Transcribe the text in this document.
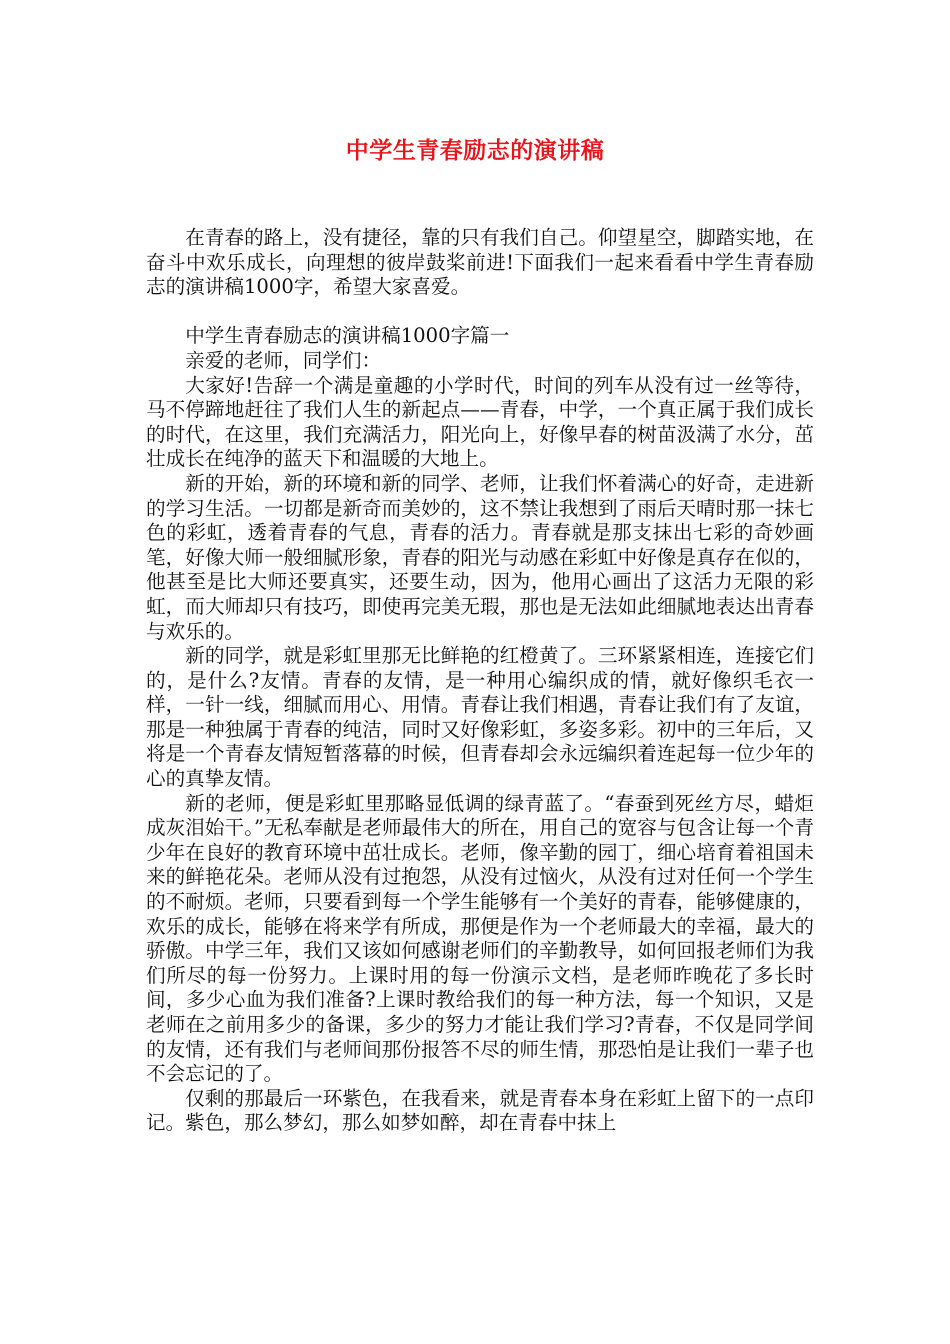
中学生青春励志的演讲稿

在青春的路上，没有捷径，靠的只有我们自己。仰望星空，脚踏实地，在奋斗中欢乐成长，向理想的彼岸鼓桨前进!下面我们一起来看看中学生青春励志的演讲稿1000字，希望大家喜爱。

中学生青春励志的演讲稿1000字篇一

亲爱的老师，同学们：

大家好!告辞一个满是童趣的小学时代，时间的列车从没有过一丝等待，马不停蹄地赶往了我们人生的新起点——青春，中学，一个真正属于我们成长的时代，在这里，我们充满活力，阳光向上，好像早春的树苗汲满了水分，茁壮成长在纯净的蓝天下和温暖的大地上。

新的开始，新的环境和新的同学、老师，让我们怀着满心的好奇，走进新的学习生活。一切都是新奇而美妙的，这不禁让我想到了雨后天晴时那一抹七色的彩虹，透着青春的气息，青春的活力。青春就是那支抹出七彩的奇妙画笔，好像大师一般细腻形象，青春的阳光与动感在彩虹中好像是真存在似的，他甚至是比大师还要真实，还要生动，因为，他用心画出了这活力无限的彩虹，而大师却只有技巧，即使再完美无瑕，那也是无法如此细腻地表达出青春与欢乐的。

新的同学，就是彩虹里那无比鲜艳的红橙黄了。三环紧紧相连，连接它们的，是什么?友情。青春的友情，是一种用心编织成的情，就好像织毛衣一样，一针一线，细腻而用心、用情。青春让我们相遇，青春让我们有了友谊，那是一种独属于青春的纯洁，同时又好像彩虹，多姿多彩。初中的三年后，又将是一个青春友情短暂落幕的时候，但青春却会永远编织着连起每一位少年的心的真挚友情。

新的老师，便是彩虹里那略显低调的绿青蓝了。“春蚕到死丝方尽，蜡炬成灰泪始干。”无私奉献是老师最伟大的所在，用自己的宽容与包含让每一个青少年在良好的教育环境中茁壮成长。老师，像辛勤的园丁，细心培育着祖国未来的鲜艳花朵。老师从没有过抱怨，从没有过恼火，从没有过对任何一个学生的不耐烦。老师，只要看到每一个学生能够有一个美好的青春，能够健康的，欢乐的成长，能够在将来学有所成，那便是作为一个老师最大的幸福，最大的骄傲。中学三年，我们又该如何感谢老师们的辛勤教导，如何回报老师们为我们所尽的每一份努力。上课时用的每一份演示文档，是老师昨晚花了多长时间，多少心血为我们准备?上课时教给我们的每一种方法，每一个知识，又是老师在之前用多少的备课，多少的努力才能让我们学习?青春，不仅是同学间的友情，还有我们与老师间那份报答不尽的师生情，那恐怕是让我们一辈子也不会忘记的了。

仅剩的那最后一环紫色，在我看来，就是青春本身在彩虹上留下的一点印记。紫色，那么梦幻，那么如梦如醉，却在青春中抹上
